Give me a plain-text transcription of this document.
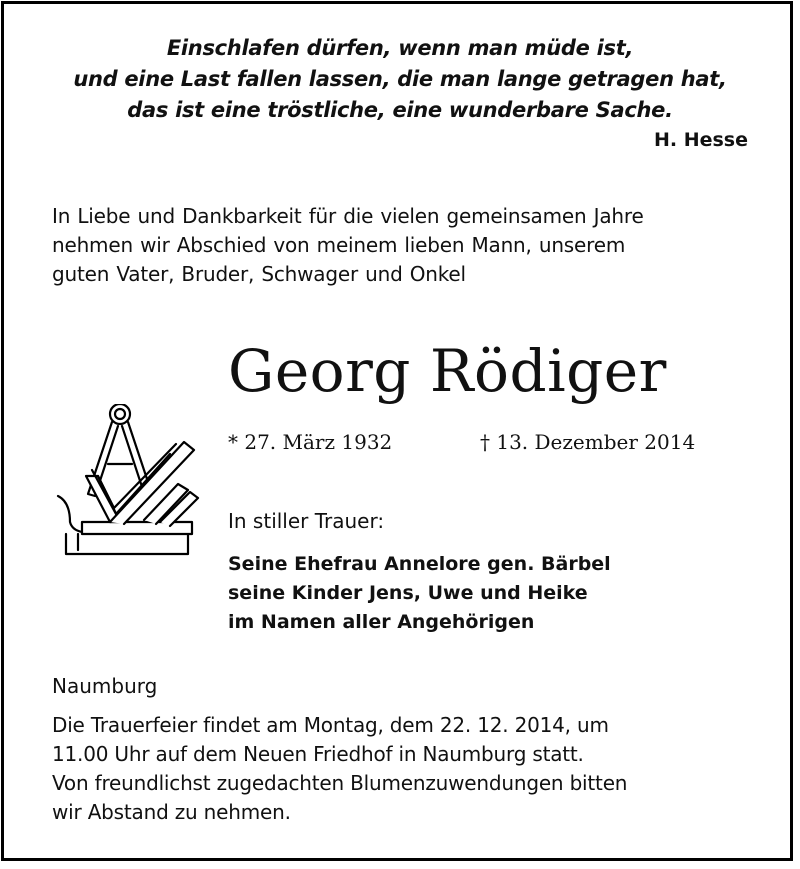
Einschlafen dürfen, wenn man müde ist,
und eine Last fallen lassen, die man lange getragen hat,
das ist eine tröstliche, eine wunderbare Sache.
H. Hesse
In Liebe und Dankbarkeit für die vielen gemeinsamen Jahre
nehmen wir Abschied von meinem lieben Mann, unserem
guten Vater, Bruder, Schwager und Onkel
Georg Rödiger
* 27. März 1932	† 13. Dezember 2014
In stiller Trauer:
Seine Ehefrau Annelore gen. Bärbel
seine Kinder Jens, Uwe und Heike
im Namen aller Angehörigen
Naumburg
Die Trauerfeier findet am Montag, dem 22. 12. 2014, um
11.00 Uhr auf dem Neuen Friedhof in Naumburg statt.
Von freundlichst zugedachten Blumenzuwendungen bitten
wir Abstand zu nehmen.
